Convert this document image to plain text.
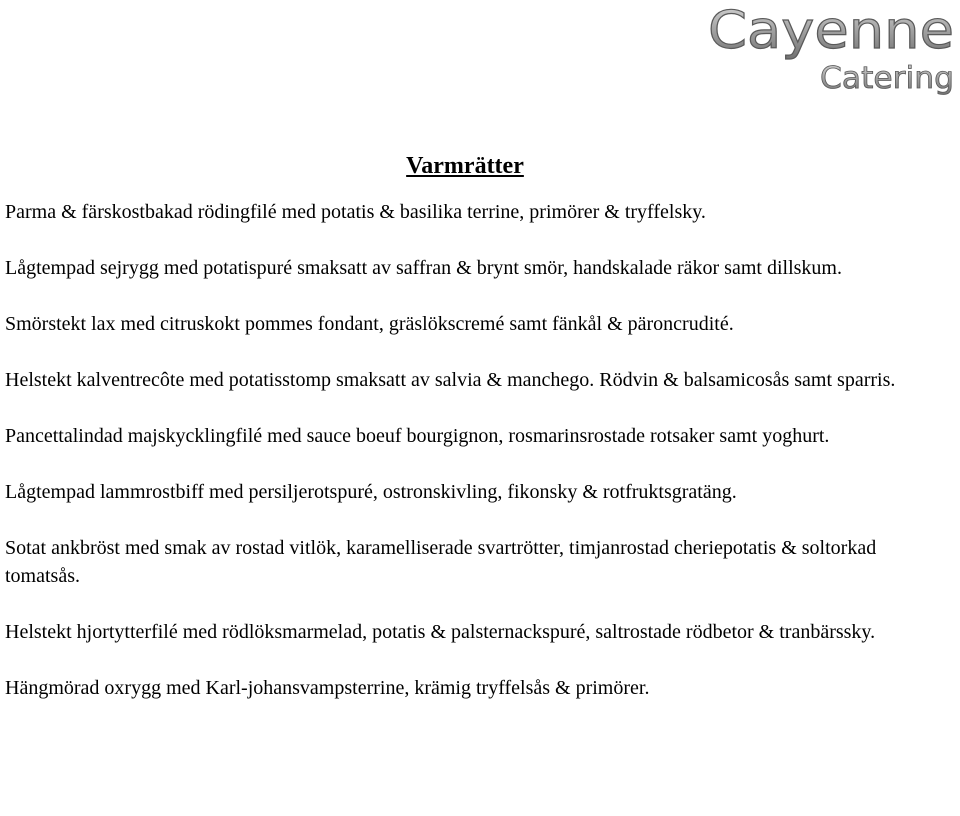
Cayenne
Catering
Varmrätter
Parma & färskostbakad rödingfilé med potatis & basilika terrine, primörer & tryffelsky.
Lågtempad sejrygg med potatispuré smaksatt av saffran & brynt smör, handskalade räkor samt dillskum.
Smörstekt lax med citruskokt pommes fondant, gräslökscremé samt fänkål & päroncrudité.
Helstekt kalventrecôte med potatisstomp smaksatt av salvia & manchego. Rödvin & balsamicosås samt sparris.
Pancettalindad majskycklingfilé med sauce boeuf bourgignon, rosmarinsrostade rotsaker samt yoghurt.
Lågtempad lammrostbiff med persiljerotspuré, ostronskivling, fikonsky & rotfruktsgratäng.
Sotat ankbröst med smak av rostad vitlök, karamelliserade svartrötter, timjanrostad cheriepotatis & soltorkad tomatsås.
Helstekt hjortytterfilé med rödlöksmarmelad, potatis & palsternackspuré, saltrostade rödbetor & tranbärssky.
Hängmörad oxrygg med Karl-johansvampsterrine, krämig tryffelsås & primörer.
